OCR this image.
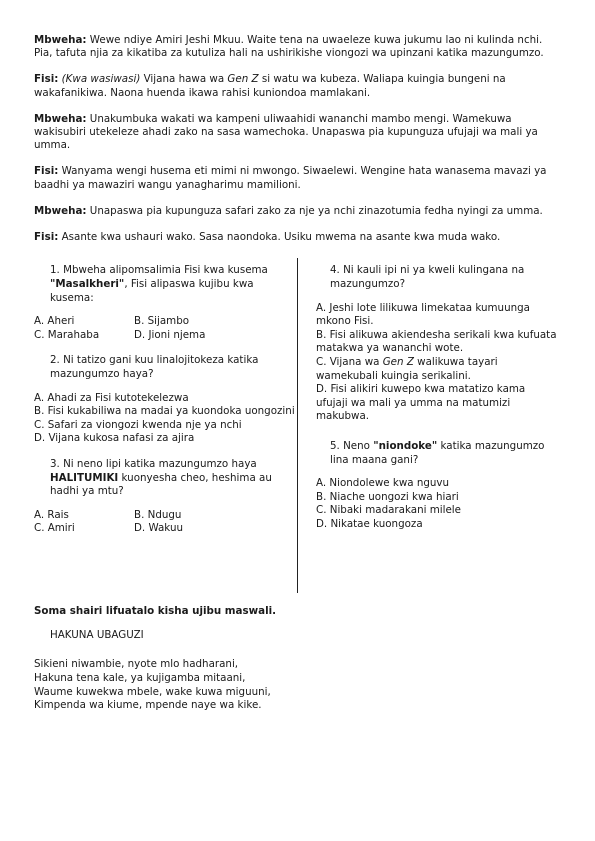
Mbweha: Wewe ndiye Amiri Jeshi Mkuu. Waite tena na uwaeleze kuwa jukumu lao ni kulinda nchi. Pia, tafuta njia za kikatiba za kutuliza hali na ushirikishe viongozi wa upinzani katika mazungumzo.

Fisi: (Kwa wasiwasi) Vijana hawa wa Gen Z si watu wa kubeza. Waliapa kuingia bungeni na wakafanikiwa. Naona huenda ikawa rahisi kuniondoa mamlakani.

Mbweha: Unakumbuka wakati wa kampeni uliwaahidi wananchi mambo mengi. Wamekuwa wakisubiri utekeleze ahadi zako na sasa wamechoka. Unapaswa pia kupunguza ufujaji wa mali ya umma.

Fisi: Wanyama wengi husema eti mimi ni mwongo. Siwaelewi. Wengine hata wanasema mavazi ya baadhi ya mawaziri wangu yanagharimu mamilioni.

Mbweha: Unapaswa pia kupunguza safari zako za nje ya nchi zinazotumia fedha nyingi za umma.

Fisi: Asante kwa ushauri wako. Sasa naondoka. Usiku mwema na asante kwa muda wako.

1. Mbweha alipomsalimia Fisi kwa kusema "Masalkheri", Fisi alipaswa kujibu kwa kusema:

A. Aheri	B. Sijambo
C. Marahaba	D. Jioni njema

2. Ni tatizo gani kuu linalojitokeza katika mazungumzo haya?

A. Ahadi za Fisi kutotekelezwa
B. Fisi kukabiliwa na madai ya kuondoka uongozini
C. Safari za viongozi kwenda nje ya nchi
D. Vijana kukosa nafasi za ajira

3. Ni neno lipi katika mazungumzo haya HALITUMIKI kuonyesha cheo, heshima au hadhi ya mtu?

A. Rais	B. Ndugu
C. Amiri	D. Wakuu

4. Ni kauli ipi ni ya kweli kulingana na mazungumzo?

A. Jeshi lote lilikuwa limekataa kumuunga mkono Fisi.
B. Fisi alikuwa akiendesha serikali kwa kufuata matakwa ya wananchi wote.
C. Vijana wa Gen Z walikuwa tayari wamekubali kuingia serikalini.
D. Fisi alikiri kuwepo kwa matatizo kama ufujaji wa mali ya umma na matumizi makubwa.

5. Neno "niondoke" katika mazungumzo lina maana gani?

A. Niondolewe kwa nguvu
B. Niache uongozi kwa hiari
C. Nibaki madarakani milele
D. Nikataе kuongoza

Soma shairi lifuatalo kisha ujibu maswali.

HAKUNA UBAGUZI

Sikieni niwambie, nyote mlo hadharani,
Hakuna tena kale, ya kujigamba mitaani,
Waume kuwekwa mbele, wake kuwa miguuni,
Kimpenda wa kiume, mpende naye wa kike.
